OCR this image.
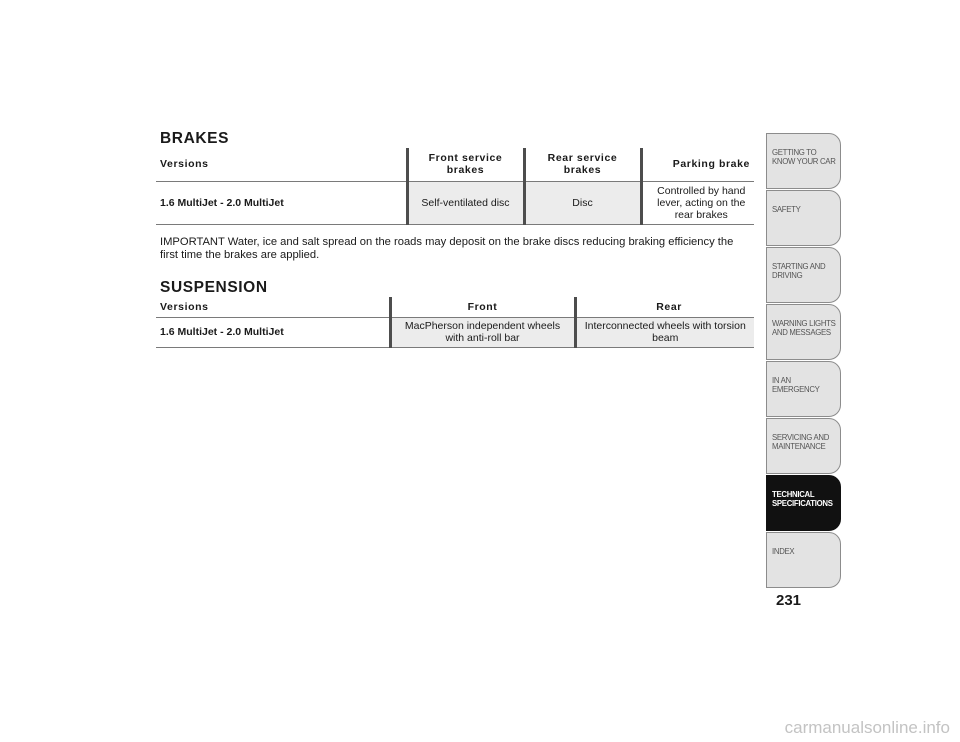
BRAKES
Versions	Front service brakes	Rear service brakes	Parking brake
1.6 MultiJet - 2.0 MultiJet	Self-ventilated disc	Disc	Controlled by hand lever, acting on the rear brakes
IMPORTANT Water, ice and salt spread on the roads may deposit on the brake discs reducing braking efficiency the first time the brakes are applied.
SUSPENSION
Versions	Front	Rear
1.6 MultiJet - 2.0 MultiJet	MacPherson independent wheels with anti-roll bar	Interconnected wheels with torsion beam
GETTING TO KNOW YOUR CAR
SAFETY
STARTING AND DRIVING
WARNING LIGHTS AND MESSAGES
IN AN EMERGENCY
SERVICING AND MAINTENANCE
TECHNICAL SPECIFICATIONS
INDEX
231
carmanualsonline.info
